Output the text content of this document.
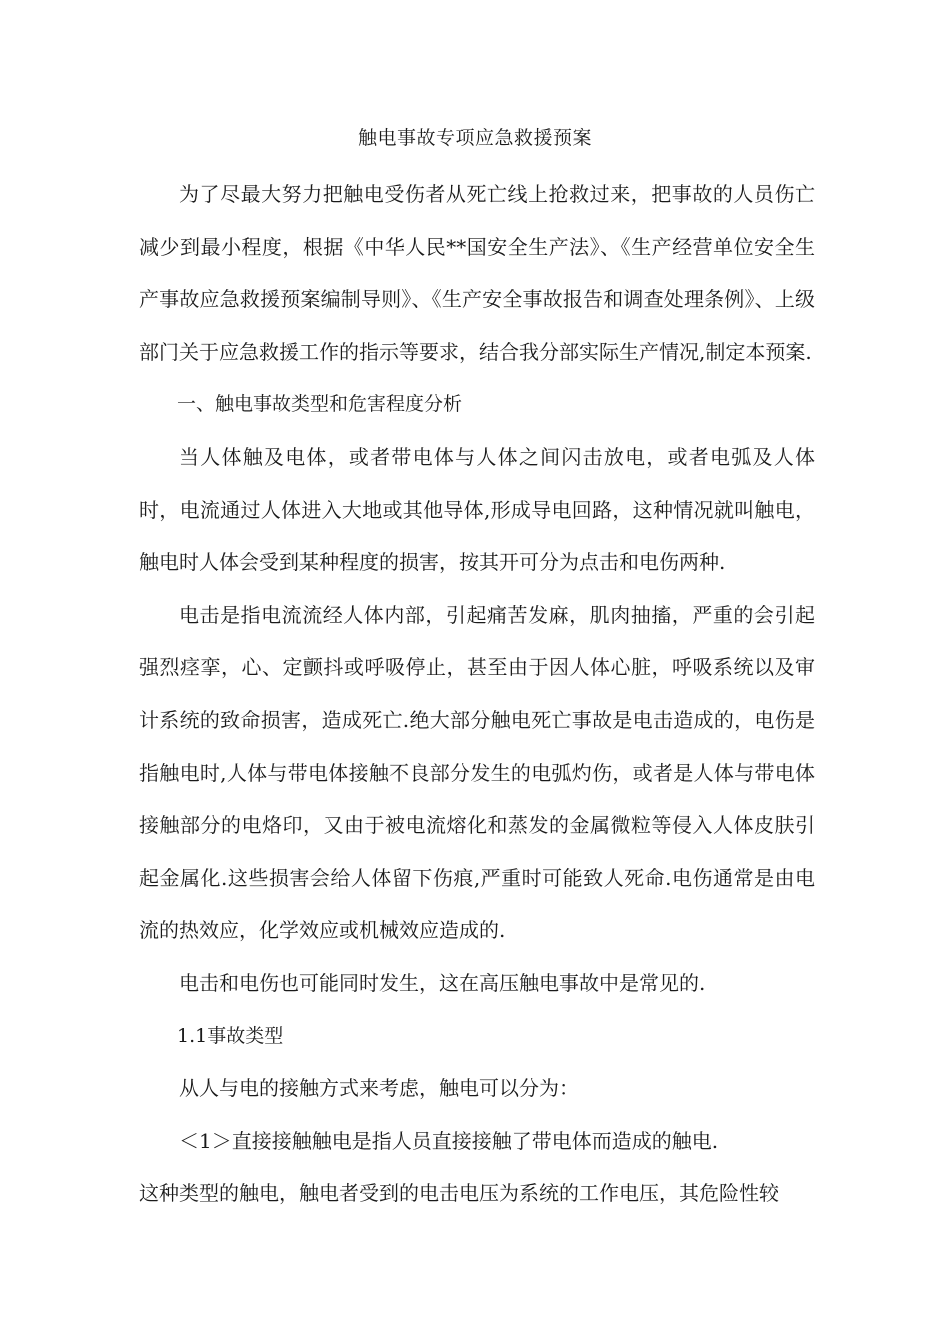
触电事故专项应急救援预案

为了尽最大努力把触电受伤者从死亡线上抢救过来，把事故的人员伤亡减少到最小程度，根据《中华人民**国安全生产法》、《生产经营单位安全生产事故应急救援预案编制导则》、《生产安全事故报告和调查处理条例》、上级部门关于应急救援工作的指示等要求，结合我分部实际生产情况,制定本预案.

一、触电事故类型和危害程度分析

当人体触及电体，或者带电体与人体之间闪击放电，或者电弧及人体时，电流通过人体进入大地或其他导体,形成导电回路，这种情况就叫触电，触电时人体会受到某种程度的损害，按其开可分为点击和电伤两种.

电击是指电流流经人体内部，引起痛苦发麻，肌肉抽搐，严重的会引起强烈痉挛，心、定颤抖或呼吸停止，甚至由于因人体心脏，呼吸系统以及审计系统的致命损害，造成死亡.绝大部分触电死亡事故是电击造成的，电伤是指触电时,人体与带电体接触不良部分发生的电弧灼伤，或者是人体与带电体接触部分的电烙印，又由于被电流熔化和蒸发的金属微粒等侵入人体皮肤引起金属化.这些损害会给人体留下伤痕,严重时可能致人死命.电伤通常是由电流的热效应，化学效应或机械效应造成的.

电击和电伤也可能同时发生，这在高压触电事故中是常见的.

1.1事故类型

从人与电的接触方式来考虑，触电可以分为：

＜1＞直接接触触电是指人员直接接触了带电体而造成的触电.

这种类型的触电，触电者受到的电击电压为系统的工作电压，其危险性较
